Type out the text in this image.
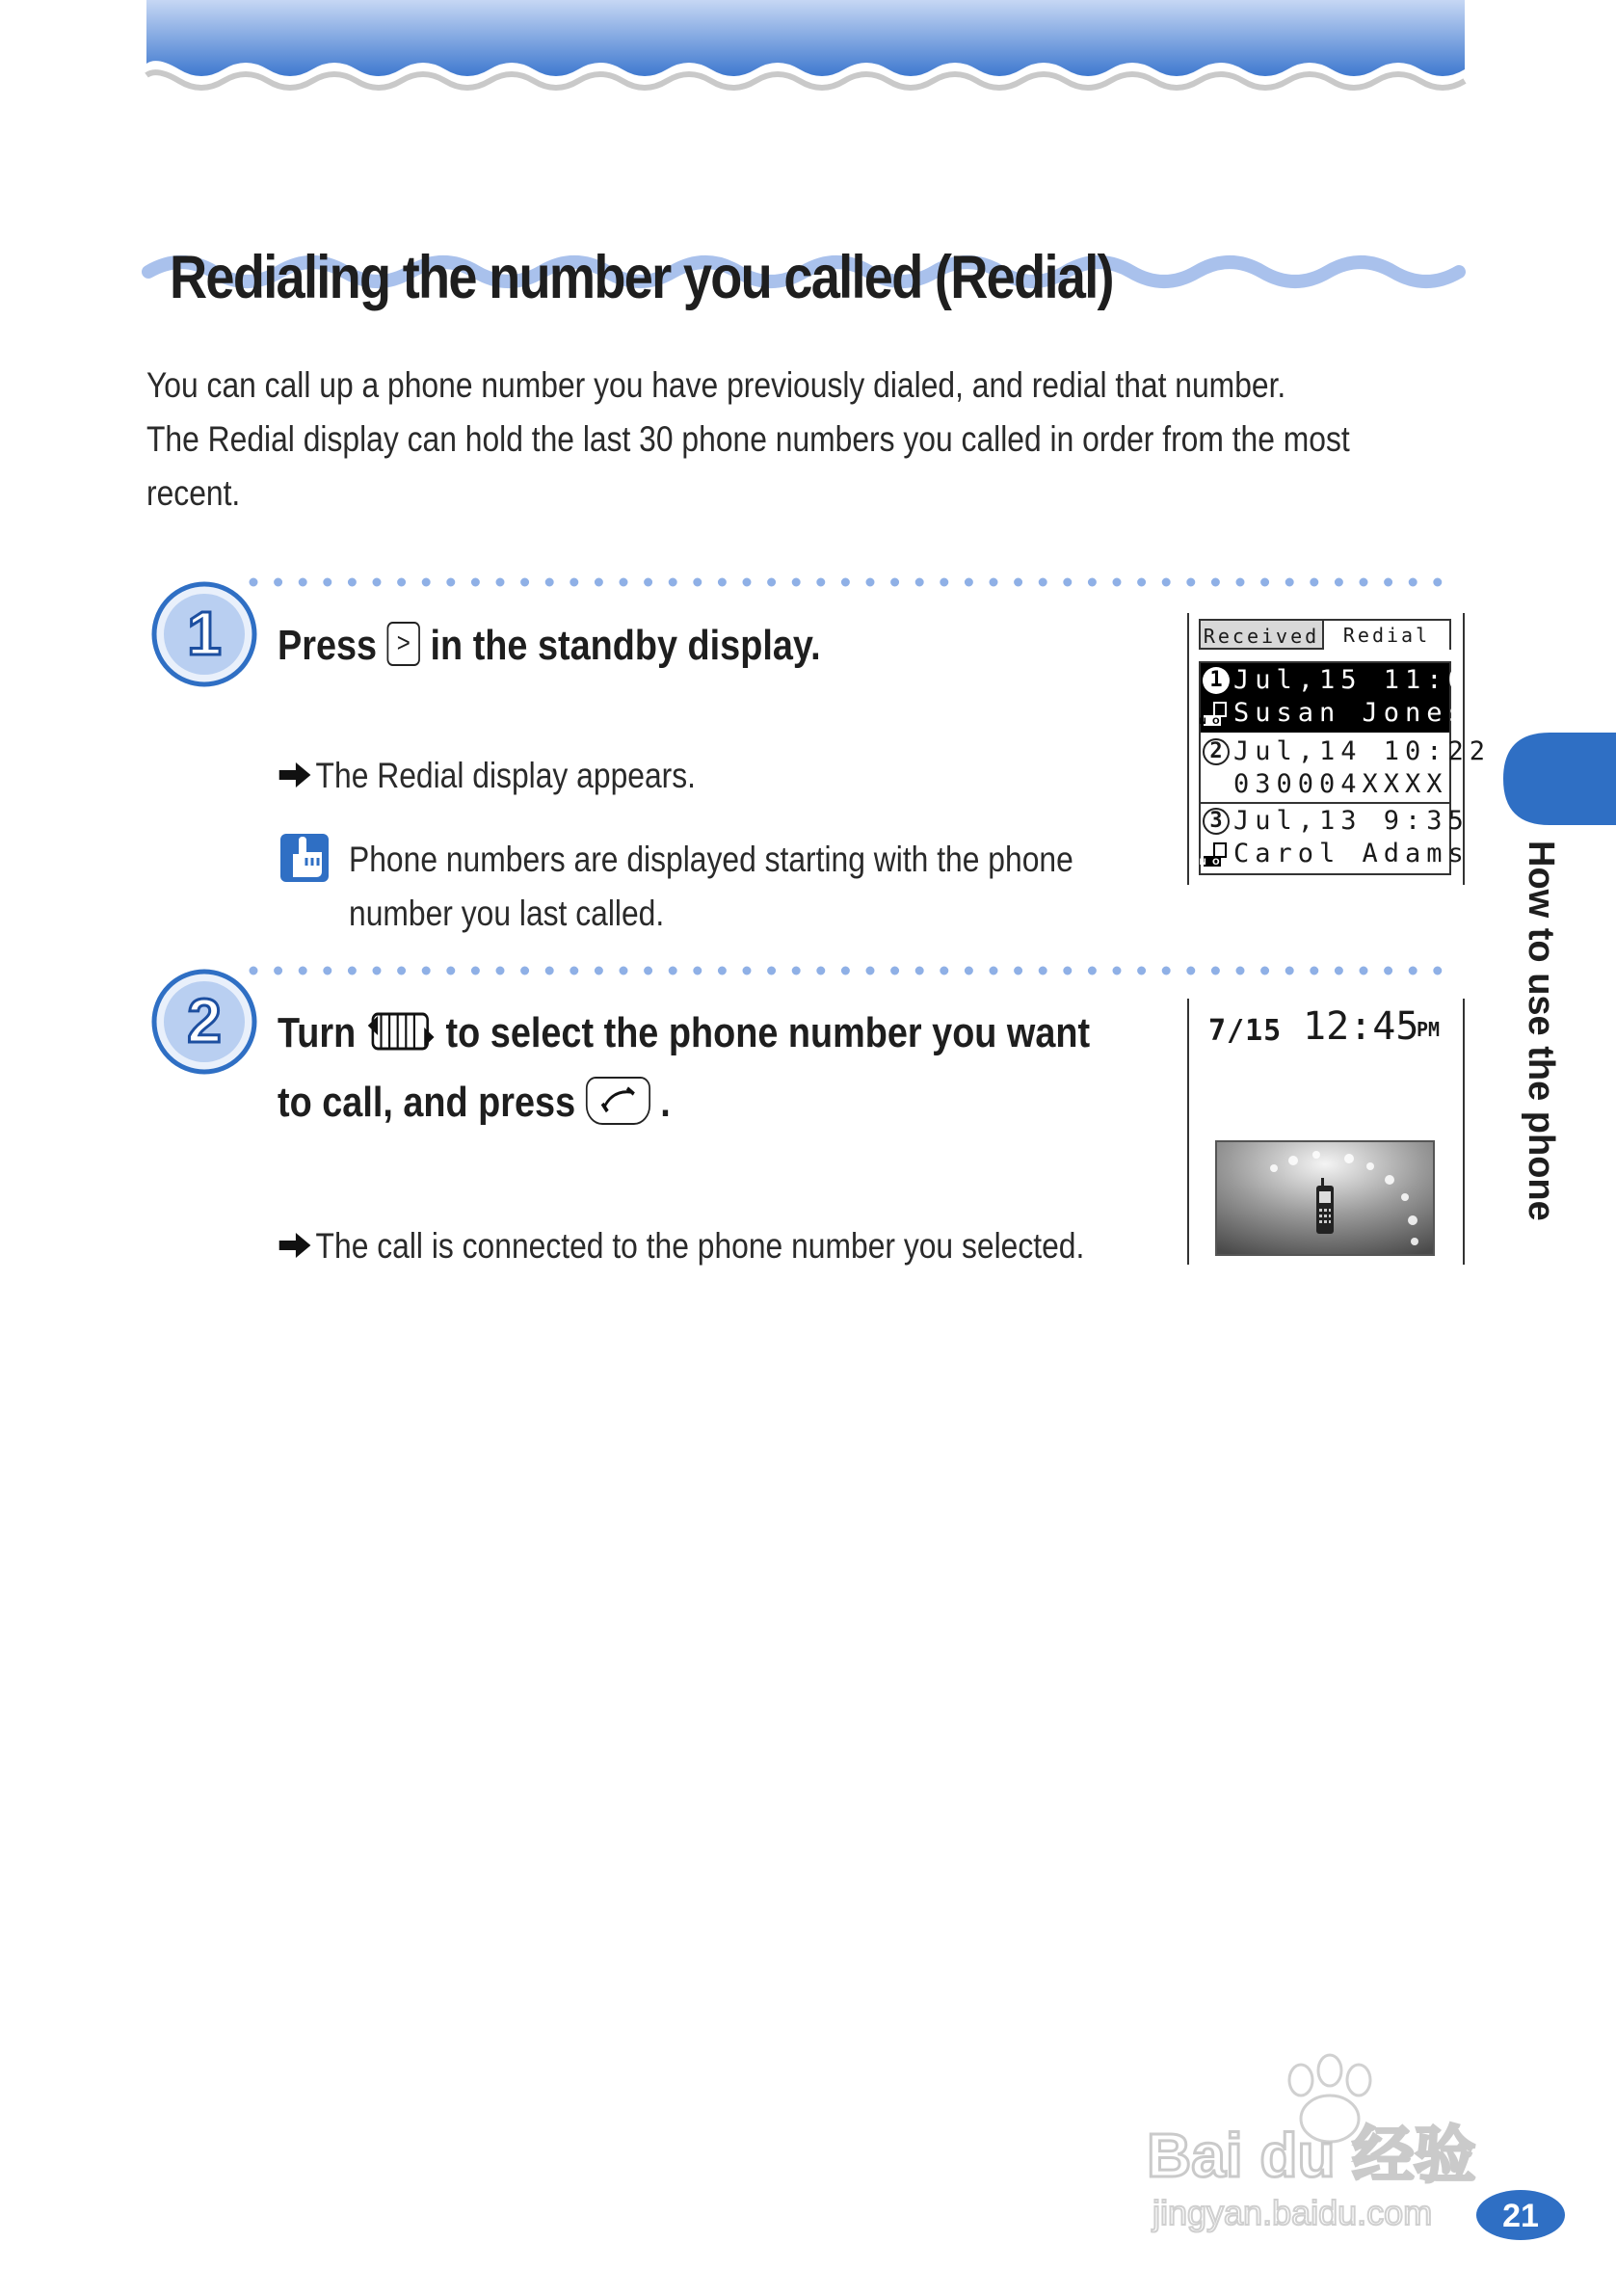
Redialing the number you called (Redial)
You can call up a phone number you have previously dialed, and redial that number.
The Redial display can hold the last 30 phone numbers you called in order from the most
recent.
1 Press > in the standby display.
The Redial display appears.
Phone numbers are displayed starting with the phone
number you last called.
Received	Redial
1 Jul,15 11:05
NO Susan Jones
2 Jul,14 10:22
030004XXXX
3 Jul,13 9:35
NO Carol Adams
2 Turn to select the phone number you want
to call, and press .
The call is connected to the phone number you selected.
7/15 12:45
PM How to use the phone
Bai du 经验
jingyan.baidu.com 21
